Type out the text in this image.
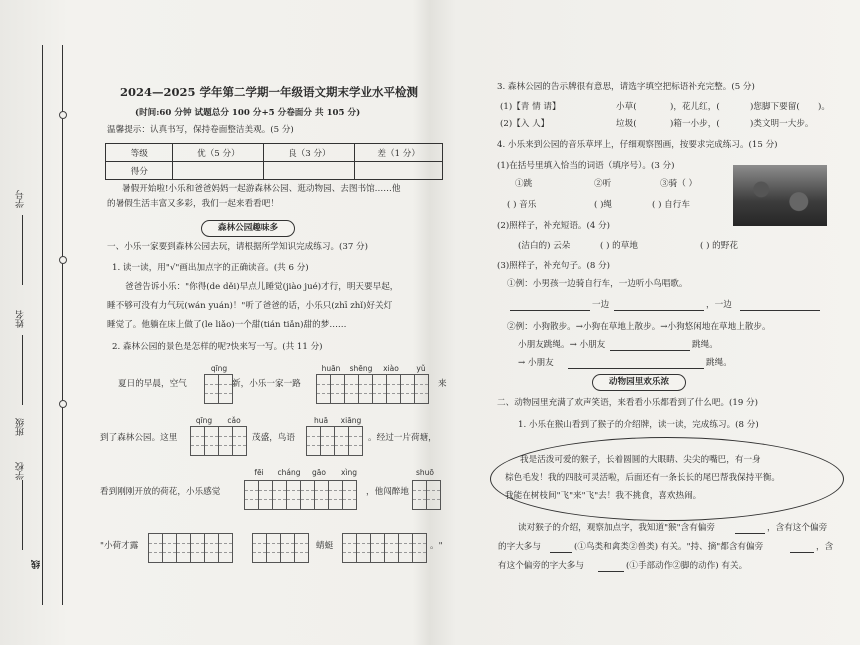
学号
姓名
班级
学校
线
2024—2025 学年第二学期一年级语文期末学业水平检测
(时间:60 分钟 试题总分 100 分+5 分卷面分 共 105 分)
温馨提示：认真书写，保持卷面整洁美观。(5 分)
等级	优（5 分）	良（3 分）	差（1 分）
得分			
暑假开始啦!小乐和爸爸妈妈一起游森林公园、逛动物园、去图书馆……他
的暑假生活丰富又多彩，我们一起来看看吧！
森林公园趣味多
一、小乐一家要到森林公园去玩，请根据所学知识完成练习。(37 分)
1. 读一读，用"√"画出加点字的正确读音。(共 6 分)
爸爸告诉小乐："你得(de děi)早点儿睡觉(jiào jué)才行，明天要早起，
睡不够可没有力气玩(wán yuán)！"听了爸爸的话，小乐只(zhī zhǐ)好关灯
睡觉了。他躺在床上做了(le liǎo)一个甜(tián tiǎn)甜的梦……
2. 森林公园的景色是怎样的呢?快来写一写。(共 11 分)
夏日的早晨，空气
qīng
新，小乐一家一路
huān	shēng	xiào	yǔ
来
到了森林公园。这里
qīng	cǎo
茂盛，鸟语
huā	xiāng
。经过一片荷塘，
看到刚刚开放的荷花，小乐感觉
fēi	cháng	gāo	xìng
，他闯醉地
shuō
"小荷才露	蜻蜓	。"
3. 森林公园的告示牌很有意思，请选字填空把标语补充完整。(5 分)
(1)【青 情 请】	小草(	)，花儿红，(	)您脚下要留( )。
(2)【入 人】	垃圾(	)箱一小步，(	)类文明一大步。
4. 小乐来到公园的音乐草坪上，仔细观察图画，按要求完成练习。(15 分)
(1)在括号里填入恰当的词语（填序号）。(3 分)
①跳	②听	③骑（ ）
( ) 音乐	( )绳	( ) 自行车
(2)照样子，补充短语。(4 分)
(洁白的) 云朵	( ) 的草地	( ) 的野花
(3)照样子，补充句子。(8 分)
①例：小男孩一边骑自行车，一边听小鸟唱歌。
一边	，一边
②例：小狗散步。→小狗在草地上散步。→小狗悠闲地在草地上散步。
小朋友跳绳。→ 小朋友	跳绳。
→ 小朋友	跳绳。
动物园里欢乐浓
二、动物园里充满了欢声笑语，来看看小乐都看到了什么吧。(19 分)
1. 小乐在猴山看到了猴子的介绍牌，读一读，完成练习。(8 分)
我是活泼可爱的猴子，长着圆圆的大眼睛、尖尖的嘴巴，有一身
棕色毛发！我的四肢可灵活啦，后面还有一条长长的尾巴帮我保持平衡。
我能在树枝间"飞"来"飞"去！我不挑食，喜欢热闹。
读对猴子的介绍，观察加点字，我知道"猴"含有偏旁	，含有这个偏旁
的字大多与	(①鸟类和禽类②兽类) 有关。"持、摘"都含有偏旁	，含
有这个偏旁的字大多与	(①手部动作②脚的动作) 有关。
